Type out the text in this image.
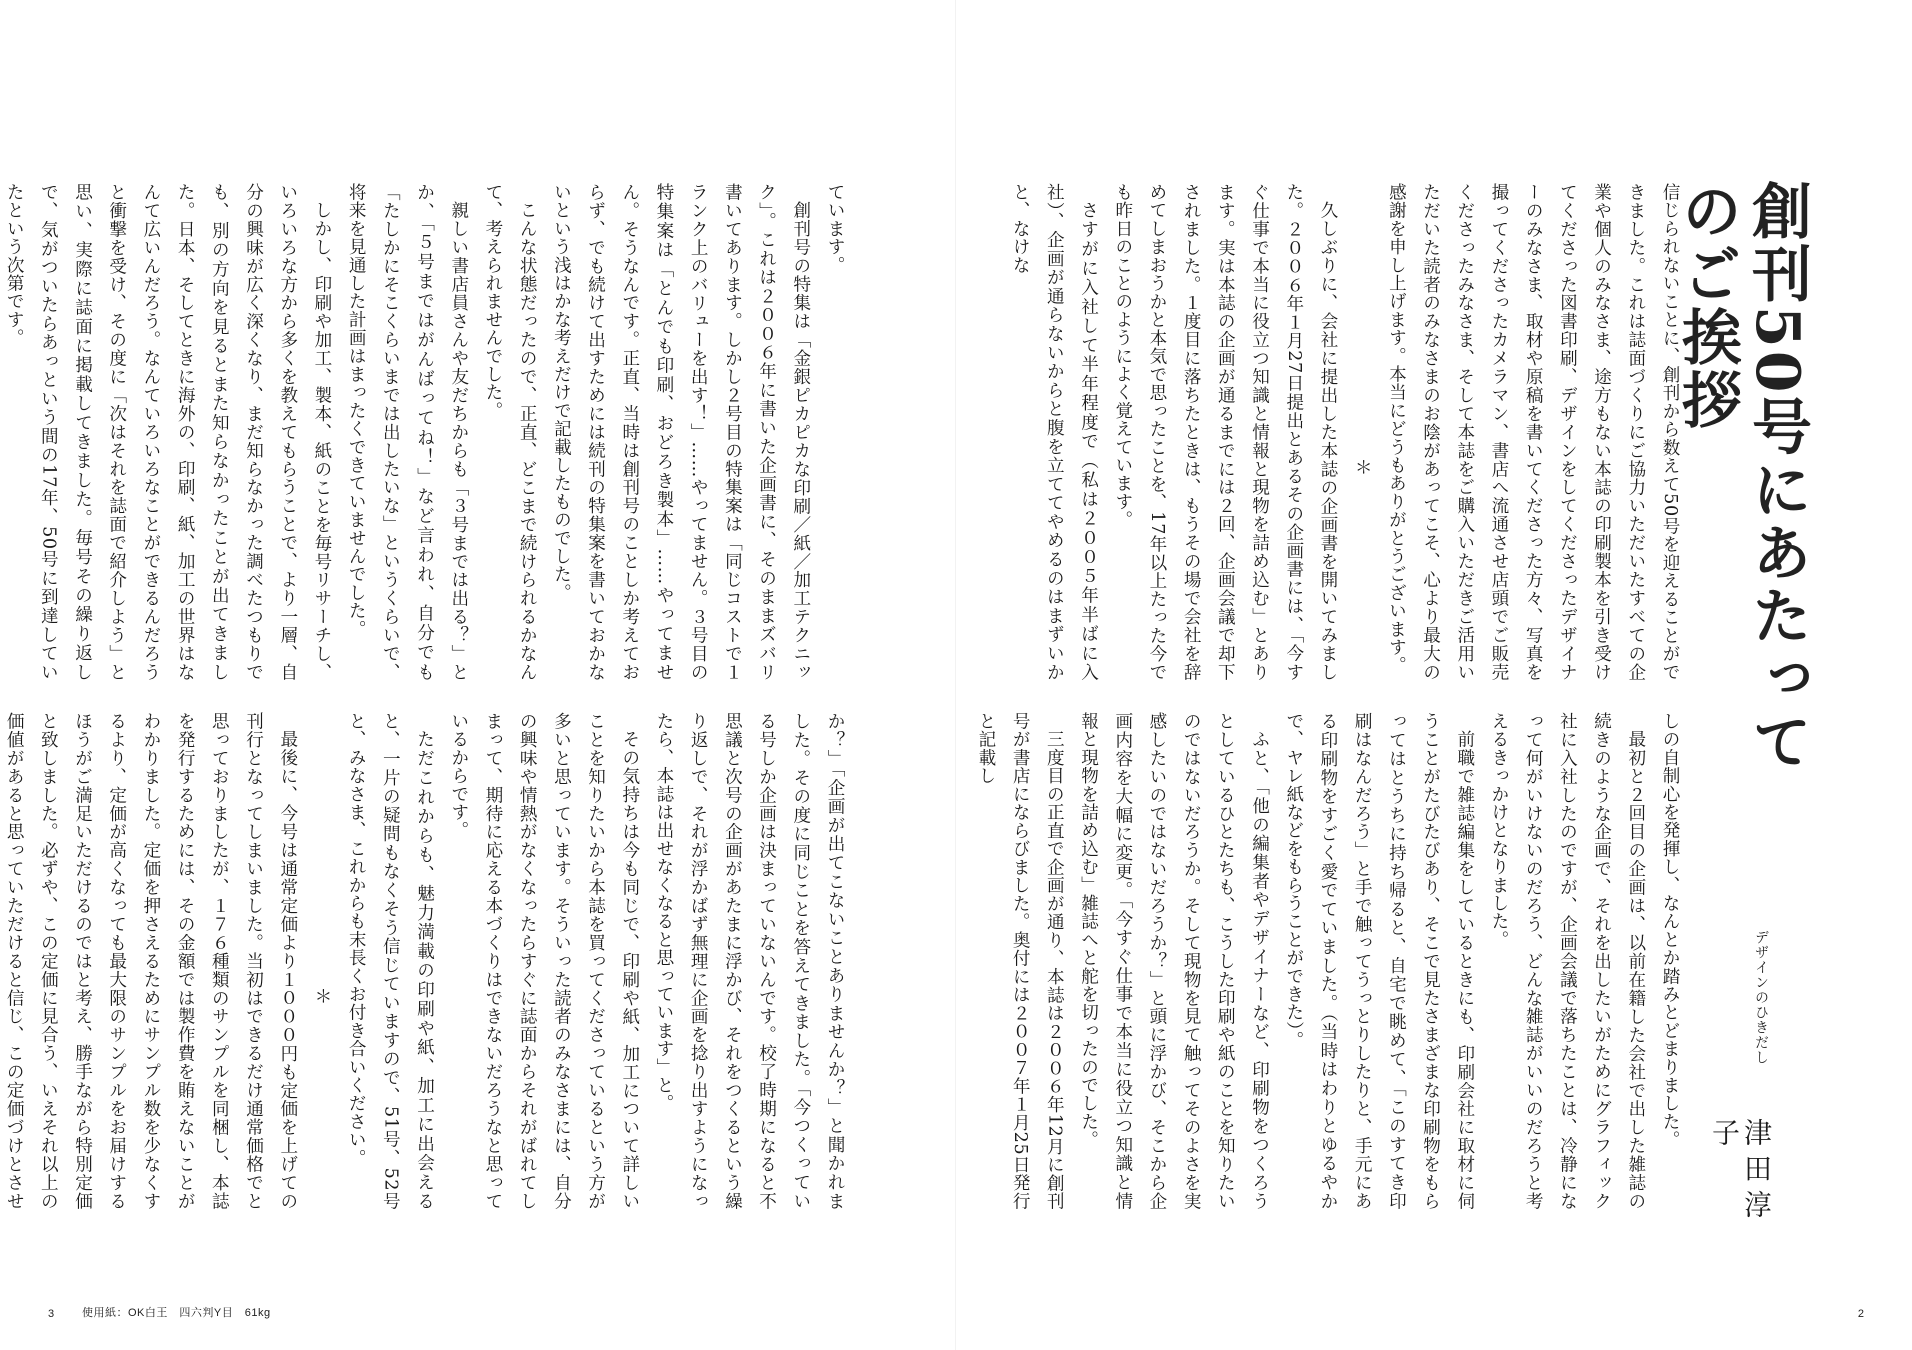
創刊50号にあたってのご挨拶
デザインのひきだし
津田淳子

信じられないことに、創刊から数えて50号を迎えることができました。これは誌面づくりにご協力いただいたすべての企業や個人のみなさま、途方もない本誌の印刷製本を引き受けてくださった図書印刷、デザインをしてくださったデザイナーのみなさま、取材や原稿を書いてくださった方々、写真を撮ってくださったカメラマン、書店へ流通させ店頭でご販売くださったみなさま、そして本誌をご購入いただきご活用いただいた読者のみなさまのお陰があってこそ、心より最大の感謝を申し上げます。本当にどうもありがとうございます。

＊

久しぶりに、会社に提出した本誌の企画書を開いてみました。２００６年１月27日提出とあるその企画書には、「今すぐ仕事で本当に役立つ知識と情報と現物を詰め込む」とあります。実は本誌の企画が通るまでには２回、企画会議で却下されました。１度目に落ちたときは、もうその場で会社を辞めてしまおうかと本気で思ったことを、17年以上たった今でも昨日のことのようによく覚えています。

さすがに入社して半年程度で（私は２００５年半ばに入社）、企画が通らないからと腹を立ててやめるのはまずいかと、なけな

しの自制心を発揮し、なんとか踏みとどまりました。

最初と２回目の企画は、以前在籍した会社で出した雑誌の続きのような企画で、それを出したいがためにグラフィック社に入社したのですが、企画会議で落ちたことは、冷静になって何がいけないのだろう、どんな雑誌がいいのだろうと考えるきっかけとなりました。

前職で雑誌編集をしているときにも、印刷会社に取材に伺うことがたびたびあり、そこで見たさまざまな印刷物をもらってはとうちに持ち帰ると、自宅で眺めて、「このすてき印刷はなんだろう」と手で触ってうっとりしたりと、手元にある印刷物をすごく愛でていました。（当時はわりとゆるやかで、ヤレ紙などをもらうことができた）。

ふと、「他の編集者やデザイナーなど、印刷物をつくろうとしているひとたちも、こうした印刷や紙のことを知りたいのではないだろうか。そして現物を見て触ってそのよさを実感したいのではないだろうか？」と頭に浮かび、そこから企画内容を大幅に変更。「今すぐ仕事で本当に役立つ知識と情報と現物を詰め込む」雑誌へと舵を切ったのでした。

三度目の正直で企画が通り、本誌は２００６年12月に創刊号が書店にならびました。奥付には２００７年１月25日発行と記載し

ています。

創刊号の特集は「金銀ピカピカな印刷／紙／加工テクニック」。これは２００６年に書いた企画書に、そのままズバリ書いてあります。しかし２号目の特集案は「同じコストで１ランク上のバリューを出す！」……やってません。３号目の特集案は「とんでも印刷、おどろき製本」……やってません。そうなんです。正直、当時は創刊号のことしか考えておらず、でも続けて出すためには続刊の特集案を書いておかないという浅はかな考えだけで記載したものでした。

こんな状態だったので、正直、どこまで続けられるかなんて、考えられませんでした。

親しい書店員さんや友だちからも「３号までは出る？」とか、「５号まではがんばってね！」など言われ、自分でも「たしかにそこくらいまでは出したいな」というくらいで、将来を見通した計画はまったくできていませんでした。

しかし、印刷や加工、製本、紙のことを毎号リサーチし、いろいろな方から多くを教えてもらうことで、より一層、自分の興味が広く深くなり、まだ知らなかった調べたつもりでも、別の方向を見るとまた知らなかったことが出てきました。日本、そしてときに海外の、印刷、紙、加工の世界はなんて広いんだろう。なんていろいろなことができるんだろうと衝撃を受け、その度に「次はそれを誌面で紹介しよう」と思い、実際に誌面に掲載してきました。毎号その繰り返しで、気がついたらあっという間の17年、50号に到達していたという次第です。

か？」「企画が出てこないことありませんか？」と聞かれました。その度に同じことを答えてきました。「今つくっている号しか企画は決まっていないんです。校了時期になると不思議と次号の企画があたまに浮かび、それをつくるという繰り返しで、それが浮かばず無理に企画を捻り出すようになったら、本誌は出せなくなると思っています」と。

その気持ちは今も同じで、印刷や紙、加工について詳しいことを知りたいから本誌を買ってくださっているという方が多いと思っています。そういった読者のみなさまには、自分の興味や情熱がなくなったらすぐに誌面からそれがばれてしまって、期待に応える本づくりはできないだろうなと思っているからです。

ただこれからも、魅力満載の印刷や紙、加工に出会えると、一片の疑問もなくそう信じていますので、51号、52号と、みなさま、これからも末長くお付き合いください。

＊

最後に、今号は通常定価より１０００円も定価を上げての刊行となってしまいました。当初はできるだけ通常価格でと思っておりましたが、１７６種類のサンプルを同梱し、本誌を発行するためには、その金額では製作費を賄えないことがわかりました。定価を押さえるためにサンプル数を少なくするより、定価が高くなっても最大限のサンプルをお届けするほうがご満足いただけるのではと考え、勝手ながら特別定価と致しました。必ずや、この定価に見合う、いえそれ以上の価値があると思っていただけると信じ、この定価づけとさせ

3	使用紙：OK白王　四六判Y目　61kg	2
